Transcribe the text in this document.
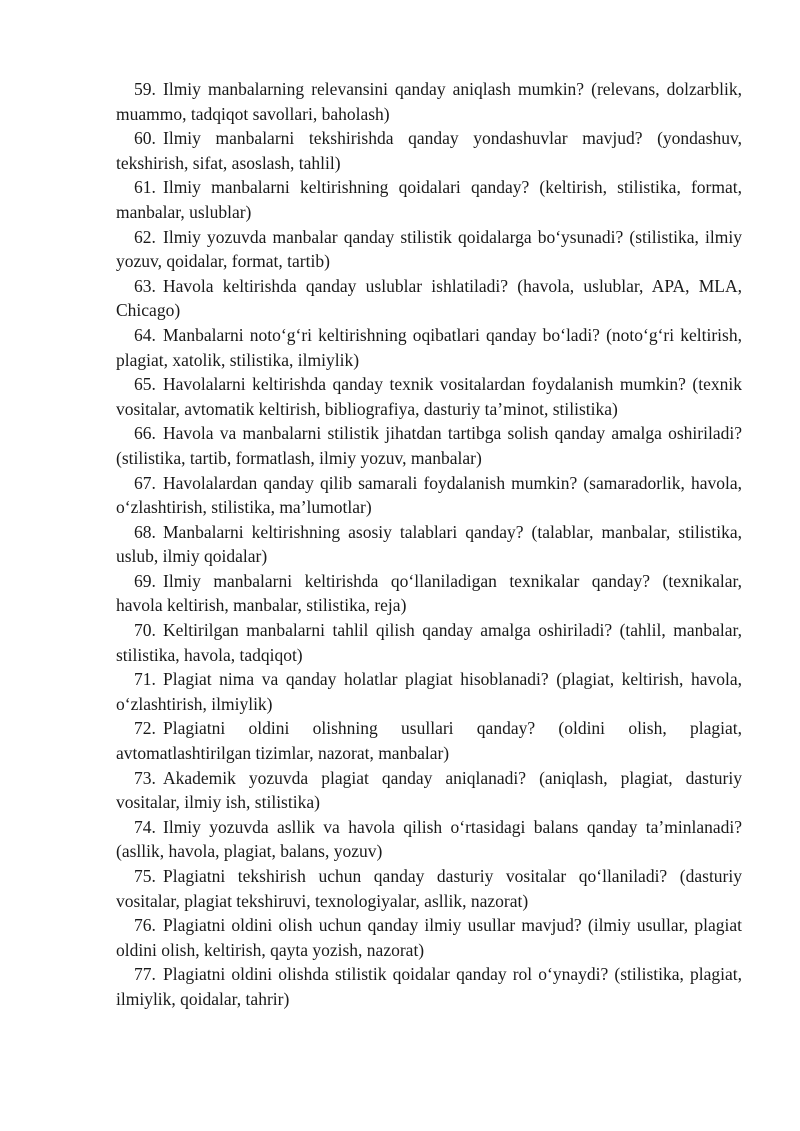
59. Ilmiy manbalarning relevansini qanday aniqlash mumkin? (relevans, dolzarblik, muammo, tadqiqot savollari, baholash)

60. Ilmiy manbalarni tekshirishda qanday yondashuvlar mavjud? (yondashuv, tekshirish, sifat, asoslash, tahlil)

61. Ilmiy manbalarni keltirishning qoidalari qanday? (keltirish, stilistika, format, manbalar, uslublar)

62. Ilmiy yozuvda manbalar qanday stilistik qoidalarga bo‘ysunadi? (stilistika, ilmiy yozuv, qoidalar, format, tartib)

63. Havola keltirishda qanday uslublar ishlatiladi? (havola, uslublar, APA, MLA, Chicago)

64. Manbalarni noto‘g‘ri keltirishning oqibatlari qanday bo‘ladi? (noto‘g‘ri keltirish, plagiat, xatolik, stilistika, ilmiylik)

65. Havolalarni keltirishda qanday texnik vositalardan foydalanish mumkin? (texnik vositalar, avtomatik keltirish, bibliografiya, dasturiy ta’minot, stilistika)

66. Havola va manbalarni stilistik jihatdan tartibga solish qanday amalga oshiriladi? (stilistika, tartib, formatlash, ilmiy yozuv, manbalar)

67. Havolalardan qanday qilib samarali foydalanish mumkin? (samaradorlik, havola, o‘zlashtirish, stilistika, ma’lumotlar)

68. Manbalarni keltirishning asosiy talablari qanday? (talablar, manbalar, stilistika, uslub, ilmiy qoidalar)

69. Ilmiy manbalarni keltirishda qo‘llaniladigan texnikalar qanday? (texnikalar, havola keltirish, manbalar, stilistika, reja)

70. Keltirilgan manbalarni tahlil qilish qanday amalga oshiriladi? (tahlil, manbalar, stilistika, havola, tadqiqot)

71. Plagiat nima va qanday holatlar plagiat hisoblanadi? (plagiat, keltirish, havola, o‘zlashtirish, ilmiylik)

72. Plagiatni oldini olishning usullari qanday? (oldini olish, plagiat, avtomatlashtirilgan tizimlar, nazorat, manbalar)

73. Akademik yozuvda plagiat qanday aniqlanadi? (aniqlash, plagiat, dasturiy vositalar, ilmiy ish, stilistika)

74. Ilmiy yozuvda asllik va havola qilish o‘rtasidagi balans qanday ta’minlanadi? (asllik, havola, plagiat, balans, yozuv)

75. Plagiatni tekshirish uchun qanday dasturiy vositalar qo‘llaniladi? (dasturiy vositalar, plagiat tekshiruvi, texnologiyalar, asllik, nazorat)

76. Plagiatni oldini olish uchun qanday ilmiy usullar mavjud? (ilmiy usullar, plagiat oldini olish, keltirish, qayta yozish, nazorat)

77. Plagiatni oldini olishda stilistik qoidalar qanday rol o‘ynaydi? (stilistika, plagiat, ilmiylik, qoidalar, tahrir)
